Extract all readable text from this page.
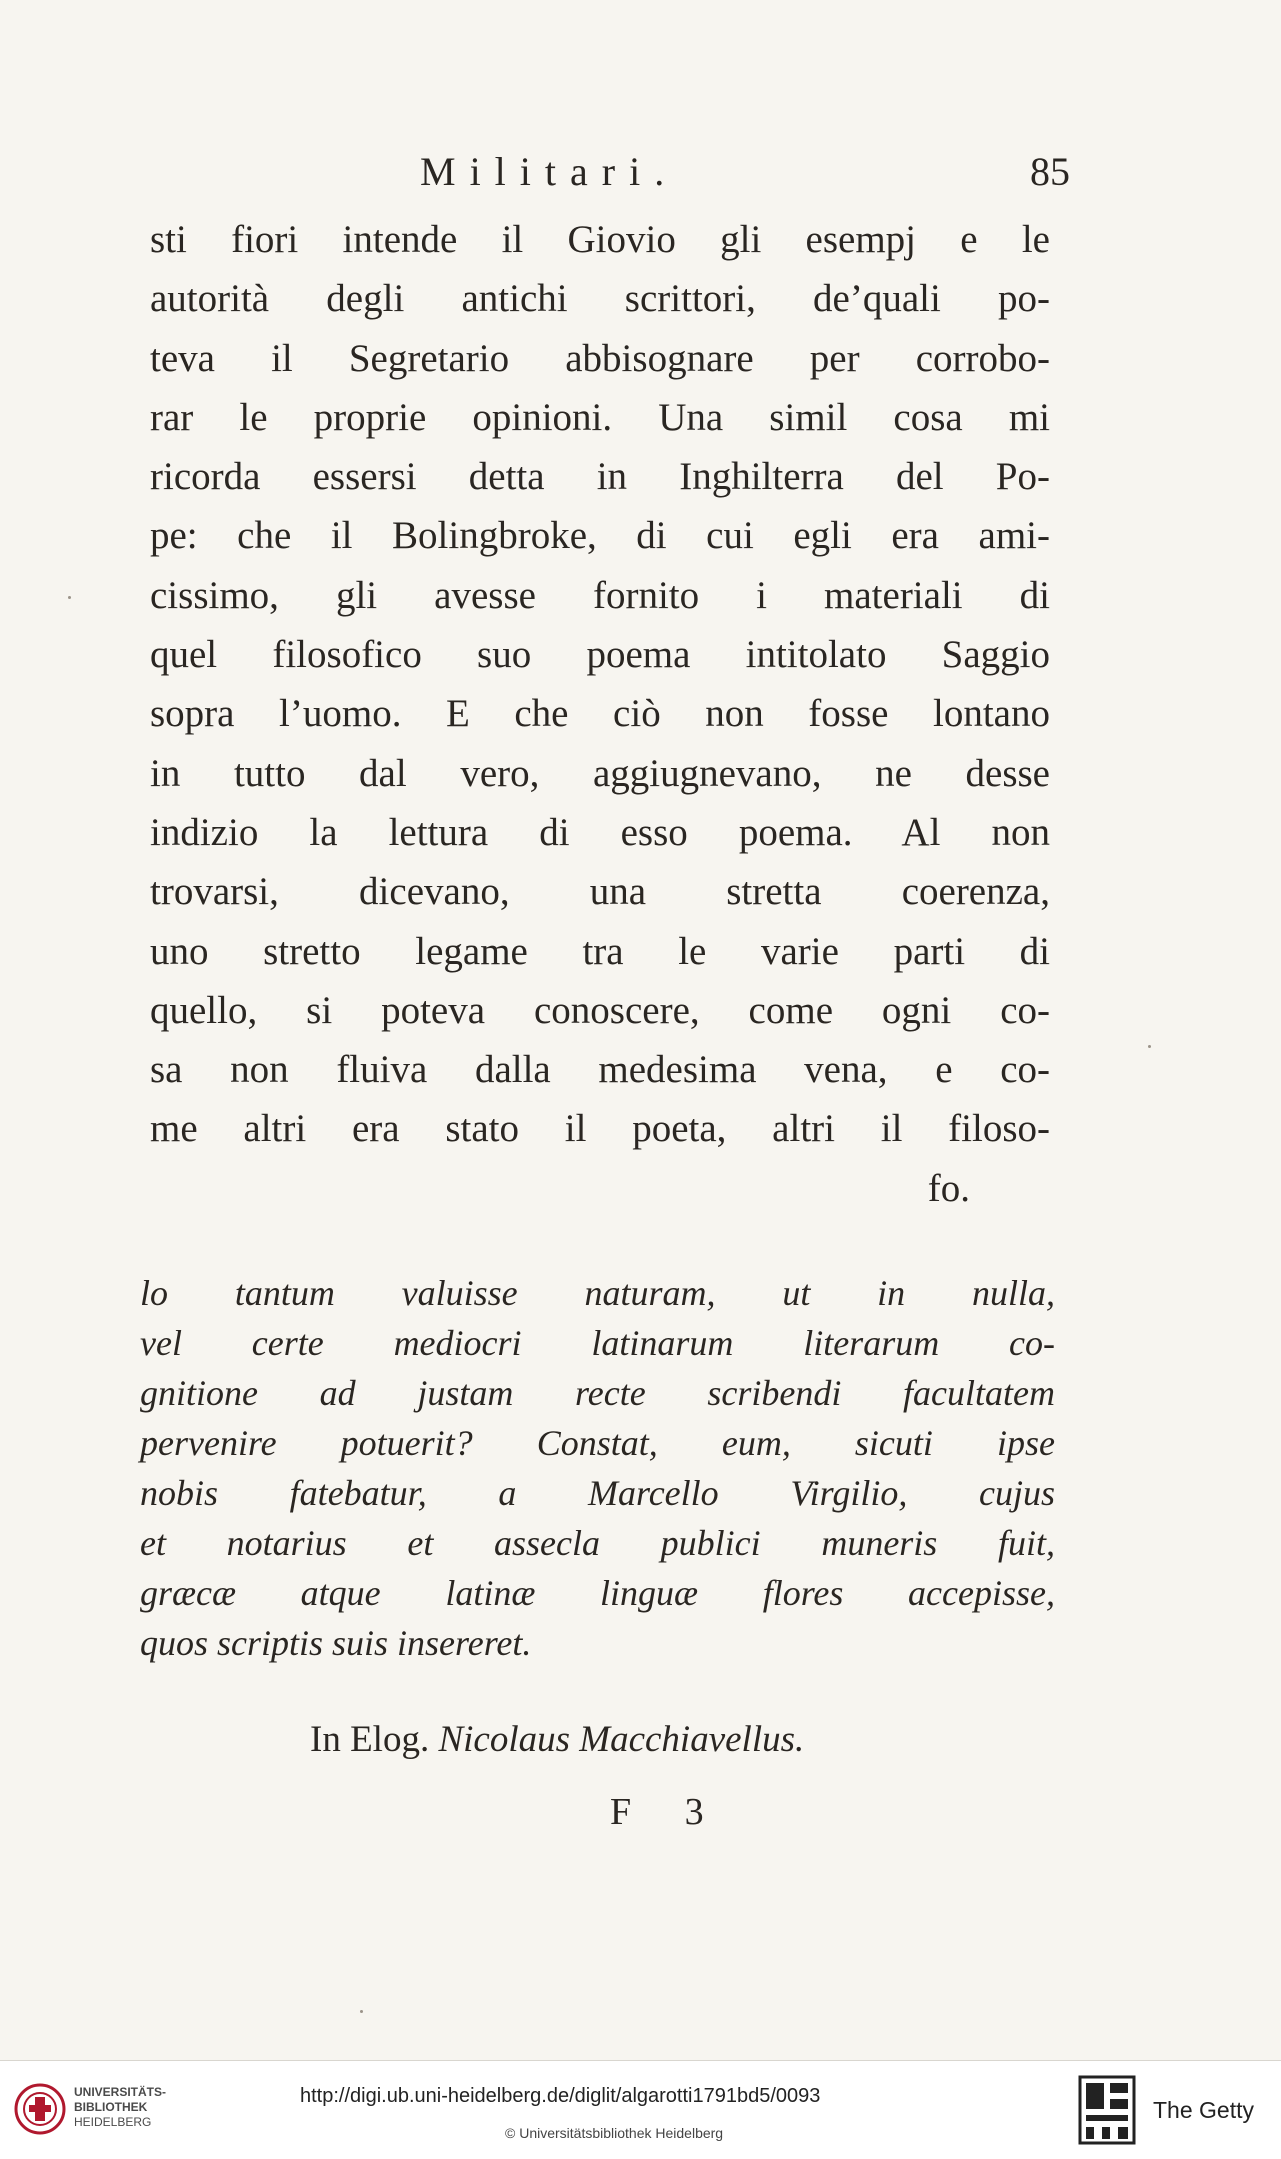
Militari.	85
sti fiori intende il Giovio gli esempj e le
autorità degli antichi scrittori, de’quali po-
teva il Segretario abbisognare per corrobo-
rar le proprie opinioni. Una simil cosa mi
ricorda essersi detta in Inghilterra del Po-
pe: che il Bolingbroke, di cui egli era ami-
cissimo, gli avesse fornito i materiali di
quel filosofico suo poema intitolato Saggio
sopra l’uomo. E che ciò non fosse lontano
in tutto dal vero, aggiugnevano, ne desse
indizio la lettura di esso poema. Al non
trovarsi, dicevano, una stretta coerenza,
uno stretto legame tra le varie parti di
quello, si poteva conoscere, come ogni co-
sa non fluiva dalla medesima vena, e co-
me altri era stato il poeta, altri il filoso-
fo.
lo tantum valuisse naturam, ut in nulla,
vel certe mediocri latinarum literarum co-
gnitione ad justam recte scribendi facultatem
pervenire potuerit? Constat, eum, sicuti ipse
nobis fatebatur, a Marcello Virgilio, cujus
et notarius et assecla publici muneris fuit,
græcæ atque latinæ linguæ flores accepisse,
quos scriptis suis insereret.
In Elog. Nicolaus Macchiavellus.
F 3
UNIVERSITÄTS-
BIBLIOTHEK
HEIDELBERG
http://digi.ub.uni-heidelberg.de/diglit/algarotti1791bd5/0093
© Universitätsbibliothek Heidelberg
The Getty
